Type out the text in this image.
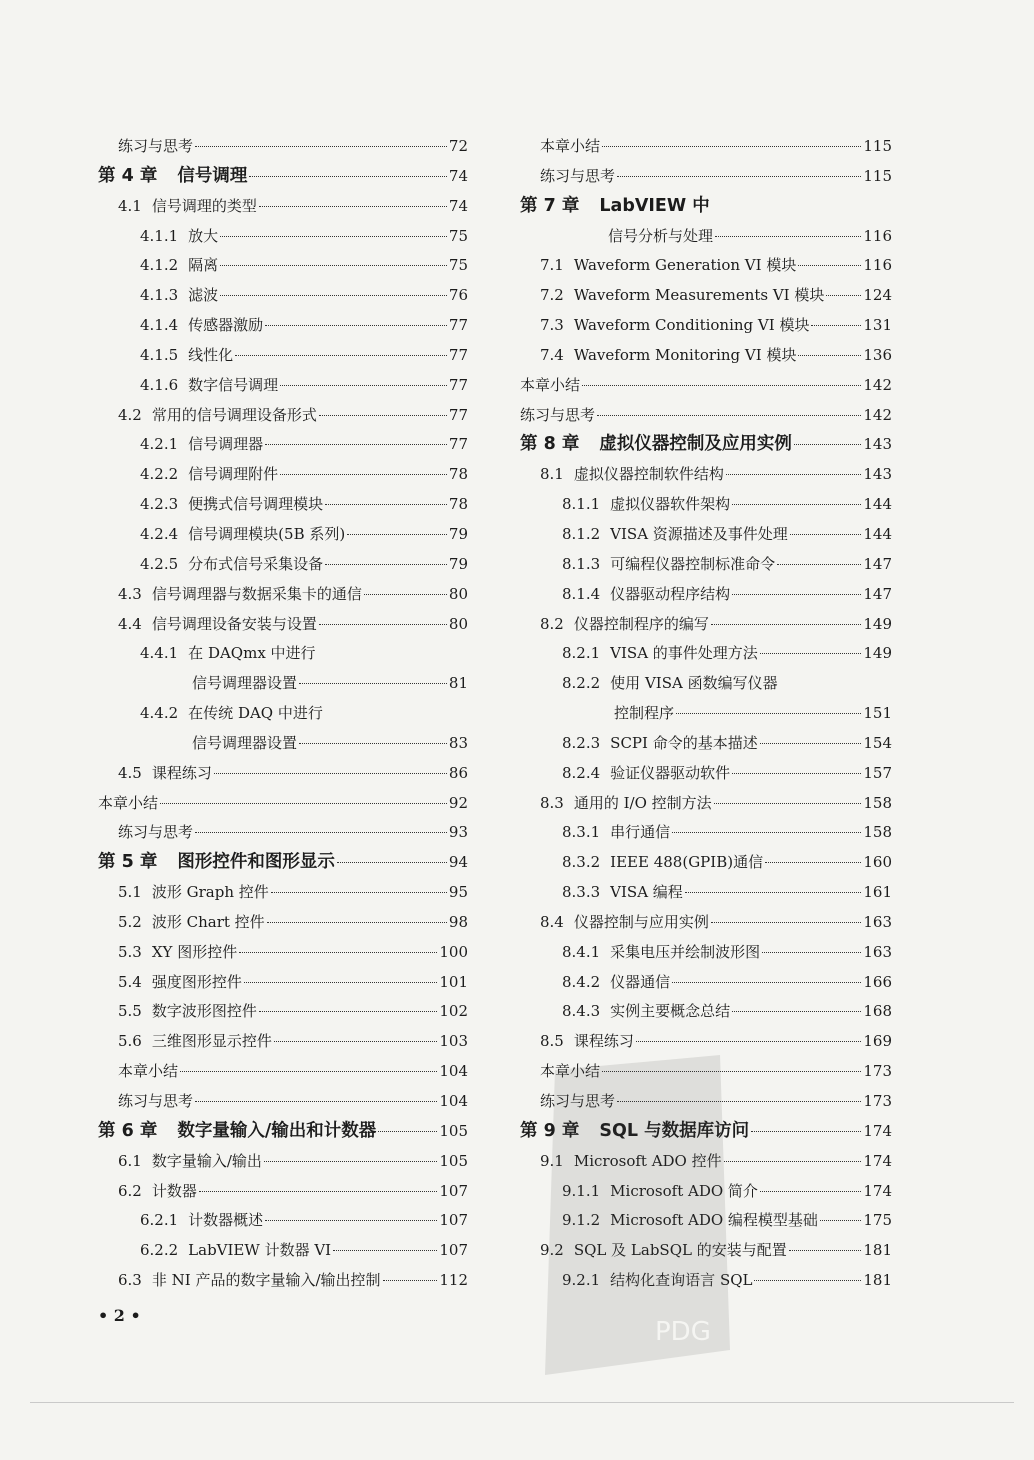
练习与思考	72
第 4 章 信号调理	74
4.1 信号调理的类型	74
4.1.1 放大	75
4.1.2 隔离	75
4.1.3 滤波	76
4.1.4 传感器激励	77
4.1.5 线性化	77
4.1.6 数字信号调理	77
4.2 常用的信号调理设备形式	77
4.2.1 信号调理器	77
4.2.2 信号调理附件	78
4.2.3 便携式信号调理模块	78
4.2.4 信号调理模块(5B 系列)	79
4.2.5 分布式信号采集设备	79
4.3 信号调理器与数据采集卡的通信	80
4.4 信号调理设备安装与设置	80
4.4.1 在 DAQmx 中进行
信号调理器设置	81
4.4.2 在传统 DAQ 中进行
信号调理器设置	83
4.5 课程练习	86
本章小结	92
练习与思考	93
第 5 章 图形控件和图形显示	94
5.1 波形 Graph 控件	95
5.2 波形 Chart 控件	98
5.3 XY 图形控件	100
5.4 强度图形控件	101
5.5 数字波形图控件	102
5.6 三维图形显示控件	103
本章小结	104
练习与思考	104
第 6 章 数字量输入/输出和计数器	105
6.1 数字量输入/输出	105
6.2 计数器	107
6.2.1 计数器概述	107
6.2.2 LabVIEW 计数器 VI	107
6.3 非 NI 产品的数字量输入/输出控制	112
本章小结	115
练习与思考	115
第 7 章 LabVIEW 中
信号分析与处理	116
7.1 Waveform Generation VI 模块	116
7.2 Waveform Measurements VI 模块	124
7.3 Waveform Conditioning VI 模块	131
7.4 Waveform Monitoring VI 模块	136
本章小结	142
练习与思考	142
第 8 章 虚拟仪器控制及应用实例	143
8.1 虚拟仪器控制软件结构	143
8.1.1 虚拟仪器软件架构	144
8.1.2 VISA 资源描述及事件处理	144
8.1.3 可编程仪器控制标准命令	147
8.1.4 仪器驱动程序结构	147
8.2 仪器控制程序的编写	149
8.2.1 VISA 的事件处理方法	149
8.2.2 使用 VISA 函数编写仪器
控制程序	151
8.2.3 SCPI 命令的基本描述	154
8.2.4 验证仪器驱动软件	157
8.3 通用的 I/O 控制方法	158
8.3.1 串行通信	158
8.3.2 IEEE 488(GPIB)通信	160
8.3.3 VISA 编程	161
8.4 仪器控制与应用实例	163
8.4.1 采集电压并绘制波形图	163
8.4.2 仪器通信	166
8.4.3 实例主要概念总结	168
8.5 课程练习	169
本章小结	173
练习与思考	173
第 9 章 SQL 与数据库访问	174
9.1 Microsoft ADO 控件	174
9.1.1 Microsoft ADO 简介	174
9.1.2 Microsoft ADO 编程模型基础	175
9.2 SQL 及 LabSQL 的安装与配置	181
9.2.1 结构化查询语言 SQL	181
• 2 •
PDG
